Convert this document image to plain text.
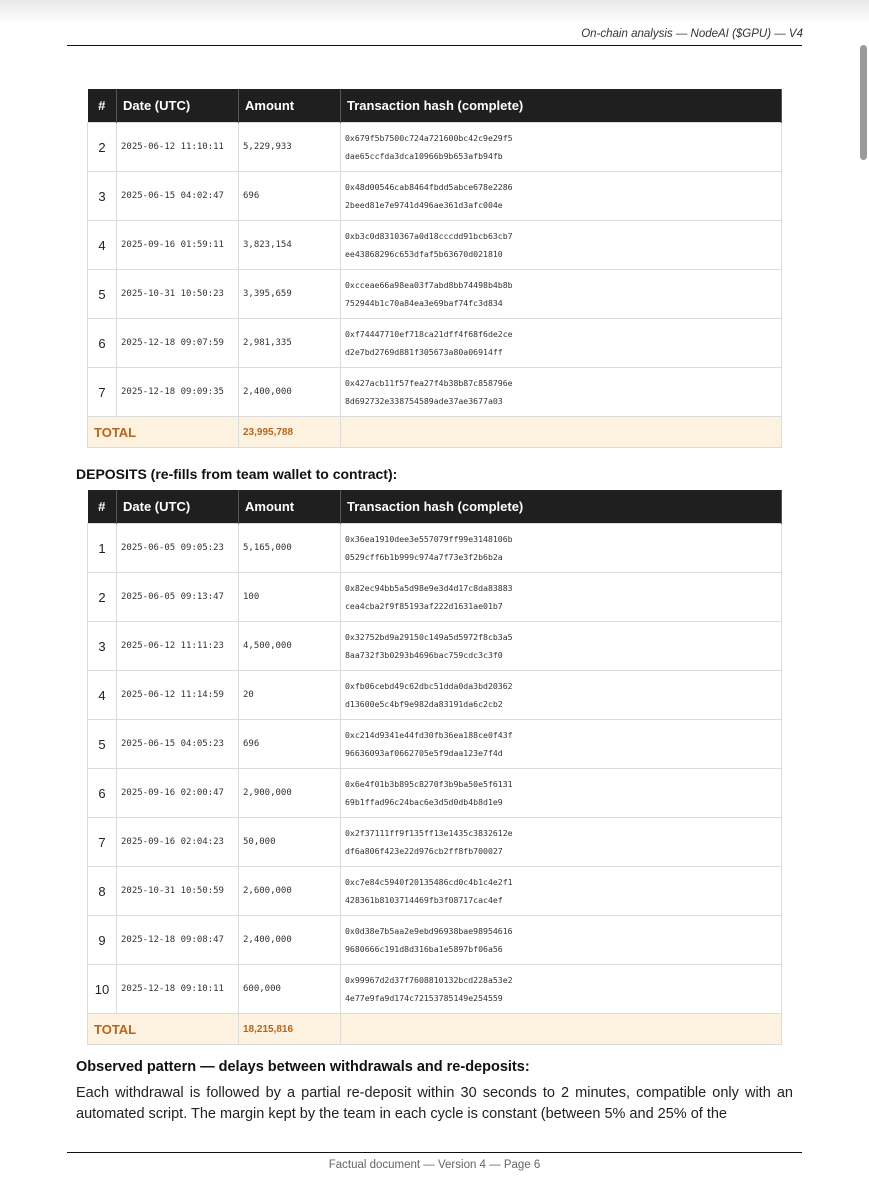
On-chain analysis — NodeAI ($GPU) — V4
#	Date (UTC)	Amount	Transaction hash (complete)
2	2025-06-12 11:10:11	5,229,933	0x679f5b7500c724a721600bc42c9e29f5
dae65ccfda3dca10966b9b653afb94fb

3	2025-06-15 04:02:47	696	0x48d00546cab8464fbdd5abce678e2286
2beed81e7e9741d496ae361d3afc004e

4	2025-09-16 01:59:11	3,823,154	0xb3c0d8310367a0d18cccdd91bcb63cb7
ee43868296c653dfaf5b63670d021810

5	2025-10-31 10:50:23	3,395,659	0xcceae66a98ea03f7abd8bb74498b4b8b
752944b1c70a84ea3e69baf74fc3d834

6	2025-12-18 09:07:59	2,981,335	0xf74447710ef718ca21dff4f68f6de2ce
d2e7bd2769d881f305673a80a06914ff

7	2025-12-18 09:09:35	2,400,000	0x427acb11f57fea27f4b38b87c858796e
8d692732e338754589ade37ae3677a03

TOTAL		23,995,788	
DEPOSITS (re-fills from team wallet to contract):
#	Date (UTC)	Amount	Transaction hash (complete)
1	2025-06-05 09:05:23	5,165,000	0x36ea1910dee3e557079ff99e3148106b
0529cff6b1b999c974a7f73e3f2b6b2a

2	2025-06-05 09:13:47	100	0x82ec94bb5a5d98e9e3d4d17c8da83883
cea4cba2f9f85193af222d1631ae01b7

3	2025-06-12 11:11:23	4,500,000	0x32752bd9a29150c149a5d5972f8cb3a5
8aa732f3b0293b4696bac759cdc3c3f0

4	2025-06-12 11:14:59	20	0xfb06cebd49c62dbc51dda0da3bd20362
d13600e5c4bf9e982da83191da6c2cb2

5	2025-06-15 04:05:23	696	0xc214d9341e44fd30fb36ea188ce0f43f
96636093af0662705e5f9daa123e7f4d

6	2025-09-16 02:00:47	2,900,000	0x6e4f01b3b895c8270f3b9ba50e5f6131
69b1ffad96c24bac6e3d5d0db4b8d1e9

7	2025-09-16 02:04:23	50,000	0x2f37111ff9f135ff13e1435c3832612e
df6a806f423e22d976cb2ff8fb700027

8	2025-10-31 10:50:59	2,600,000	0xc7e84c5940f20135486cd0c4b1c4e2f1
428361b8103714469fb3f08717cac4ef

9	2025-12-18 09:08:47	2,400,000	0x0d38e7b5aa2e9ebd96938bae98954616
9680666c191d8d316ba1e5897bf06a56

10	2025-12-18 09:10:11	600,000	0x99967d2d37f7608810132bcd228a53e2
4e77e9fa9d174c72153785149e254559

TOTAL		18,215,816	
Observed pattern — delays between withdrawals and re-deposits:
Each withdrawal is followed by a partial re-deposit within 30 seconds to 2 minutes, compatible only with an automated script. The margin kept by the team in each cycle is constant (between 5% and 25% of the
Factual document — Version 4 — Page 6
